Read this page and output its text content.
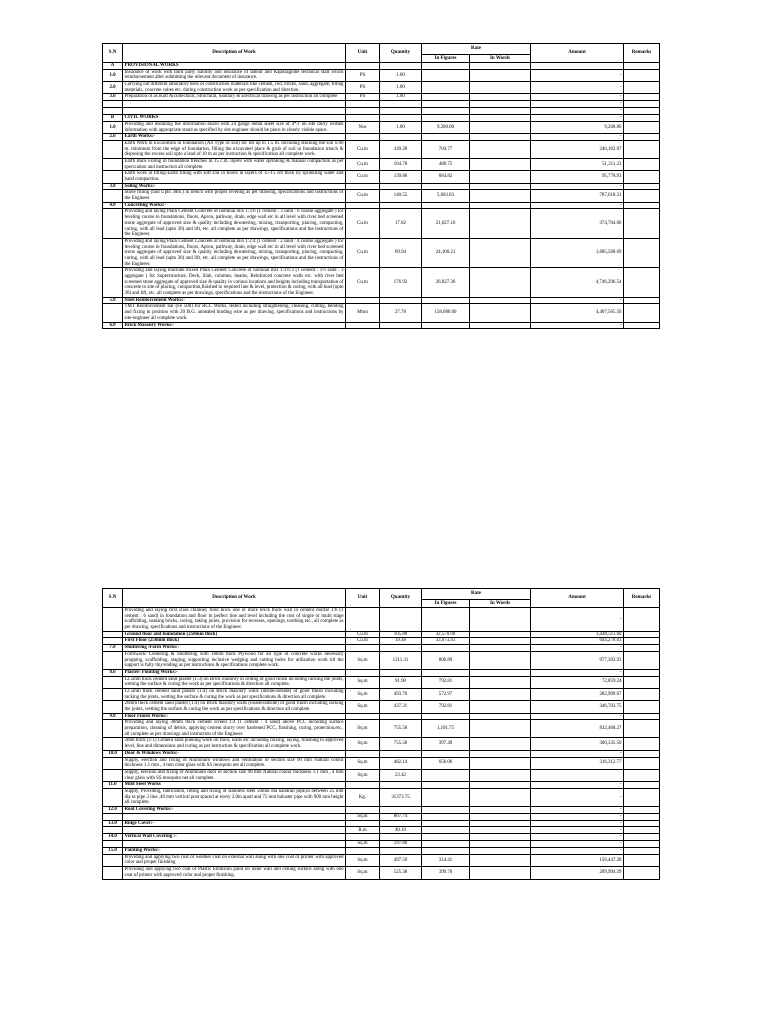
S.N	Description of Work	Unit	Quantity	Rate		Amount	Remarks
				In Figures	In Words		
A	PROVISIONAL WORKS						
1.0	Insurance of work with third party liability and insurance of labour and Kapilsagolhe technical staff which reimbursement after submitting the relevant document of insurance.	PS	1.00			-	
2.0	Carrying out different laboratory tests of construction materials like cement, rod, bricks, sand, aggregate, filling materials, concrete cubes etc. during construction work as per specification and direction.	PS	1.00			-	
3.0	Preparation of as built Architectural, Structural, Sanitary & Electrical drawing as per instruction all complete	PS	1.00			-	
						-	
						-	
B	CIVIL WORKS					-	
1.0	Providing and installing the information board with 24 gauge metal sheet size of 4*3' on site fairly written information with appropriate stand as specified by site engineer should be place in clearly visible space.	Nos	1.00	9,200.00		9,200.00	
2.0	Earth Works:-					-	
	Earth Work in Excavation in foundation (All Type of soil) for lift up to 1.5 m. including stacking the soil 0.90 m. minimum from the edge of foundation, filling the excavated place & grub of soil in foundation trench & disposing the excess soil upto a lead of 10 m as per instruction & specification all complete work.	Cu.m	349.28	704.77		246,162.07	
	Earth Back Filling in foundation trenches in 15 c.m. layers with water sprinking & manual compaction as per specication and instruction all complete.	Cu.m	104.78	488.75		51,211.23	
	Earth work in filling-Earth filling with soft soil in floors in layers of 15-15 cm thick by sprinkling water and hand compaction.	Cu.m	139.86	684.82		95,778.93	
3.0	Soling Works:-					-	
	Stone filling (laid Upto 30m.) in trench with proper leveling as per drawing, specifications and instructions of the Engineer.	Cu.m	140.55	5,603.83		787,618.31	
4.0	Concreting Works:-					-	
	Providing and laying Plain Cement Concrete of nominal mix 1:3:6 (1 cement : 3 sand : 6 coarse aggregate ) for leveling course in foundations, floors, Apron, pathway, drain, edge wall etc in all level with river bed screened stone aggregate of approved size & quality including dewatering, mixing, transporting, placing, compacting, curing, with all lead (upto 30) and lift, etc. all complete as per drawings, specifications and the instructions of the Engineer.	Cu.m	17.82	21,027.16		374,704.00	
	Providing and laying Plain Cement Concrete of nominal mix 1:2:4 (1 cement : 2 sand : 4 coarse aggregate ) for leveling course in foundations, floors, Apron, pathway, drain, edge wall etc in all level with river bed screened stone aggregate of approved size & quality including dewatering, mixing, transporting, placing, compacting, curing, with all lead (upto 30) and lift, etc. all complete as per drawings, specifications and the instructions of the Engineer.	Cu.m	69.94	24,100.21		1,685,568.69	
	Providing and laying machine mixed Plain Cement Concrete of nominal mix 1:1½:3 (1 cement : 1½ sand : 3 aggregate ) for Superstructure, Deck, Slab, columns, beams, Reinforced concrete walls etc. with river bed screened stone aggregate of approved size & quality in various locations and heights including transportation of concrete to site of placing, compaction,finished to required line & level, protection & curing, with all lead (upto 30) and lift, etc. all complete as per drawings, specifications and the instructions of the Engineer.	Cu.m	176.92	26,827.36		4,746,296.54	
5.0	Steel Reinforcement Works:-					-	
	TMT Reinforcement bar (Fe 500) for RCC Works, tested including straightening, cleaning, cutting, bending and fixing in position with 20 B.G. annealed binding wire as per drawing, specifications and instructions by site-engineer all complete work.	Mton	27.78	158,680.00		4,407,565.50	
6.0	Brick Masonry Works:-					-	
S.N	Description of Work	Unit	Quantity	Rate		Amount	Remarks
				In Figures	In Words		
	Providing and laying first class chimney fired brick one or more brick thick wall in cement mortar 1:6 (1 cement : 6 sand) in foundation and floor in perfect line and level including the cost of single or multi stage scaffolding, soaking bricks, curing, raking joints, provision for recesses, openings, toothing etc., all complete as per drawing, specifications and instructions of the Engineer.					-	
	Ground floor and foundation (250mm thick)	Cu.m	105.88	32,570.00		3,448,511.60	
	First Floor (250mm thick)	Cu.m	19.48	33,073.41		644,270.03	
7.0	Shuttering /Form Works:-					-	
	Formwork/ Centering & Shuttering with 18mm thick Plywood for all type of concrete works necessary propping, scaffolding, staging, supporting inclusive wedging and cutting holes for utilization work till the support is fully tiny/ending as per instructions & specifications complete work.	Sq.m	1211.31	806.89		977,393.93	
8.0	Plaster/ Pointing Works:-					-	
	12.5mm thick cement sand plaster (1:3) on Brick masonry in ceiling of good finish including racking the joints, wetting the surface & curing the work as per specifications & direction all complete.	Sq.m	91.90	792.81		72,859.24	
	12.5mm thick cement sand plaster (1:4) on Brick masonry walls (inside/outside) of good finish including racking the joints, wetting the surface & curing the work as per specifications & direction all complete.	Sq.m	493.76	572.97		282,909.67	
	20mm thick cement sand plaster (1:4) on Brick masonry walls (inside/outside) of good finish including racking the joints, wetting the surface & curing the work as per specifications & direction all complete.	Sq.m	437.31	792.81		346,703.75	
9.0	Floor Finish Works:-					-	
	Providing and laying 38mm thick cement screed 1:4 (1 cement : 4 sand) above PCC including surface preparation, cleaning of debris, applying cement slurry over hardened PCC, finishing, curing, protection,etc., all complete as per drawings and instruction of the Engineer.	Sq.m	755.58	1,101.75		832,460.27	
	3mm thick (1:1) Cement sand punning work on floor, walls etc including mixing, laying, finishing to approved level, line and dimensions and curing as per instruction & specification all complete work.	Sq.m	755.58	397.49		300,335.50	
10.0	Door & Windows Works:-					-	
	Supply, erection and fixing of Aluminum windows and ventilation of section size 90 mm Natural colour thickness 1.1 mm , 4 mm clear glass with SS mosquito net all complete.	Sq.m	482.14	656.06		316,312.77	
	Supply, erection and fixing of Aluminum door of section size 90 mm Natural colour thickness 1.1 mm , 4 mm clear glass with SS mosquito net all complete.	Sq.m	23.42				
11.0	Mild Steel Works					-	
	Supply, Providing, fabrication, fitting and fixing of stainless steel 50mm dia handrail pipe,in between 25 mm dia ss pipe 3 line ,40 mm vertical post spaced at every 2.0m apart and 75 mm baluster pipe with 900 mm height all complete.	Kg.	31373.75			-	
12.0	Roof Covering Works:-					-	
		Sq.m	867.74			-	
13.0	Ridge Cover:-					-	
		R.m	40.10			-	
14.0	Vertical Wall Covering :-					-	
		Sq.m	197.80			-	
15.0	Painting Works:-					-	
	Providing and applying two coat of weather coat on external wall along with one coat of primer with approved color and proper finishing	Sq.m	497.59	314.41		156,447.28	
	Providing and applying two coat of Plastic Emulsion paint on inner wall and ceiling surface along with one coat of primer with approved color and proper finishing.	Sq.m	525.38	399.70		209,994.39	
